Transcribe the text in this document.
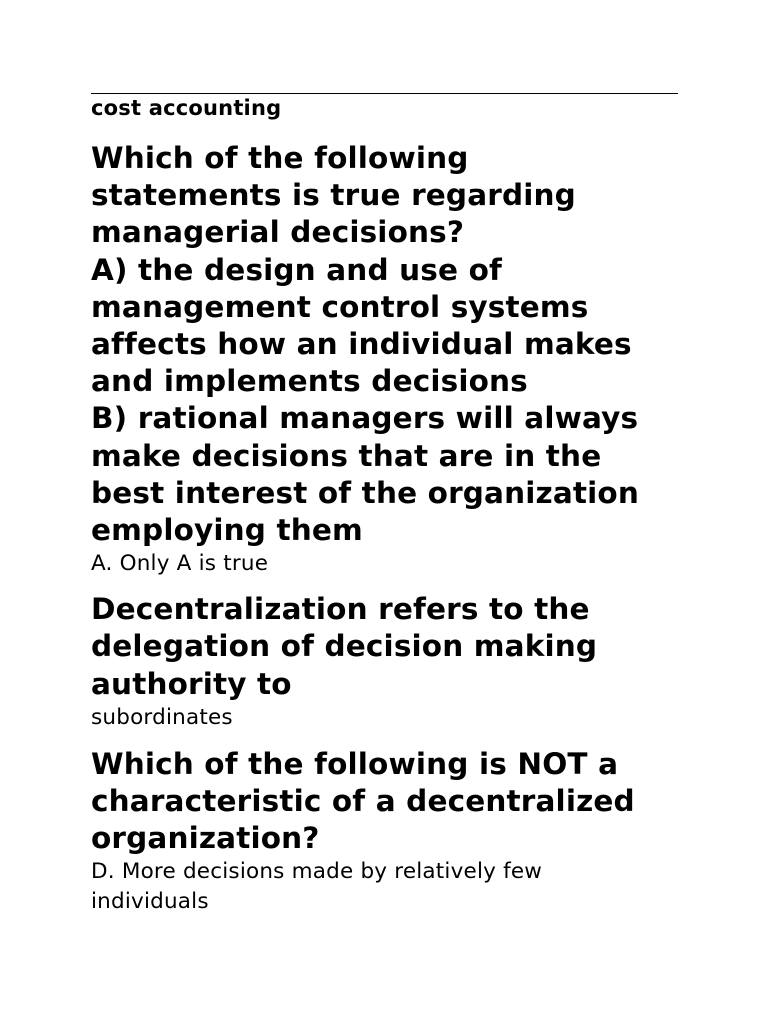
cost accounting
Which of the following
statements is true regarding
managerial decisions?
A) the design and use of
management control systems
affects how an individual makes
and implements decisions
B) rational managers will always
make decisions that are in the
best interest of the organization
employing them
A. Only A is true
Decentralization refers to the
delegation of decision making
authority to
subordinates
Which of the following is NOT a
characteristic of a decentralized
organization?
D. More decisions made by relatively few
individuals
